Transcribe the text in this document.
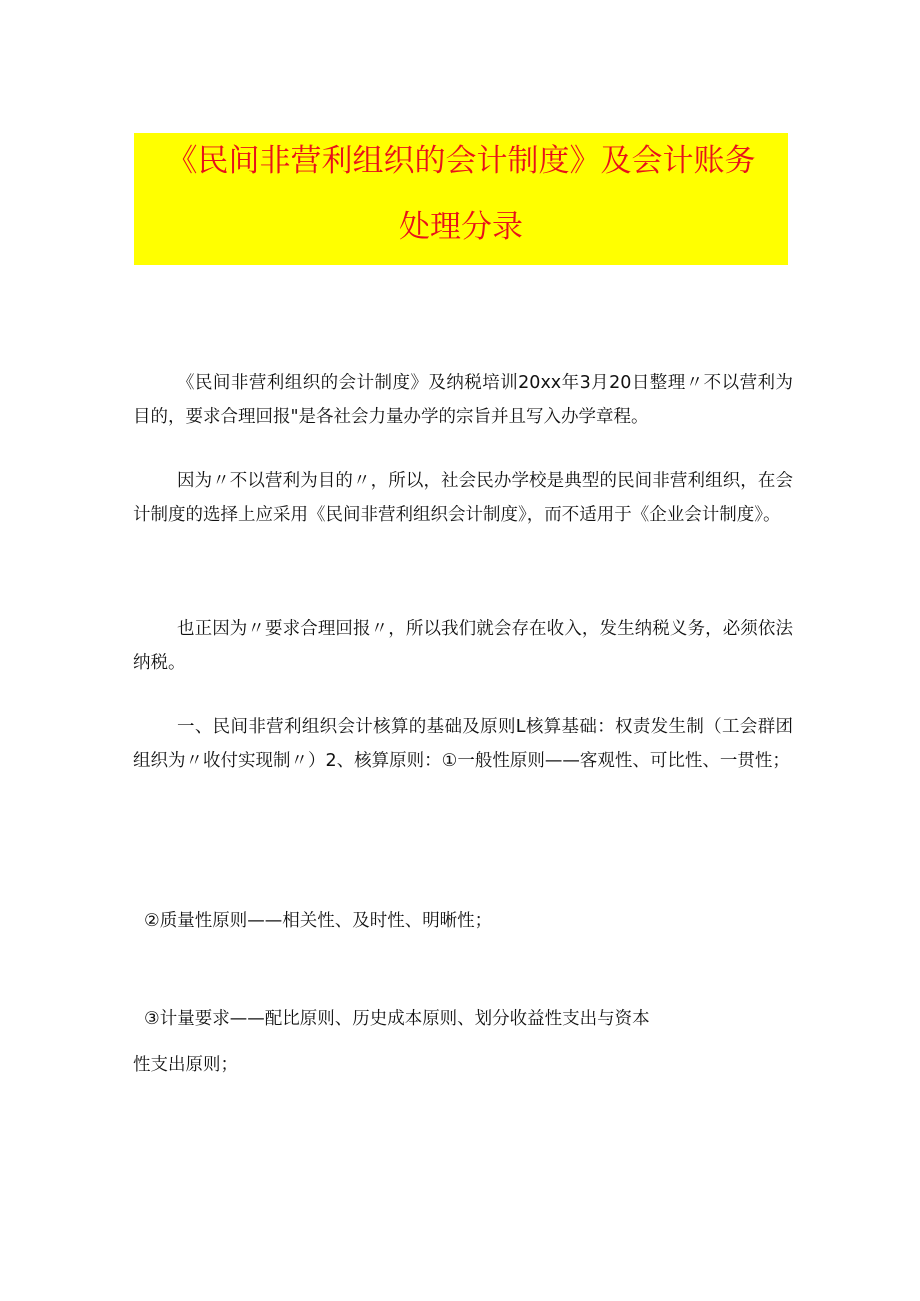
《民间非营利组织的会计制度》及会计账务
处理分录

《民间非营利组织的会计制度》及纳税培训20xx年3月20日整理〃不以营利为目的，要求合理回报"是各社会力量办学的宗旨并且写入办学章程。

因为〃不以营利为目的〃，所以，社会民办学校是典型的民间非营利组织，在会计制度的选择上应采用《民间非营利组织会计制度》，而不适用于《企业会计制度》。

也正因为〃要求合理回报〃，所以我们就会存在收入，发生纳税义务，必须依法纳税。

一、民间非营利组织会计核算的基础及原则L核算基础：权责发生制（工会群团组织为〃收付实现制〃）2、核算原则：①一般性原则——客观性、可比性、一贯性；

②质量性原则——相关性、及时性、明晰性；
③计量要求——配比原则、历史成本原则、划分收益性支出与资本
性支出原则；
